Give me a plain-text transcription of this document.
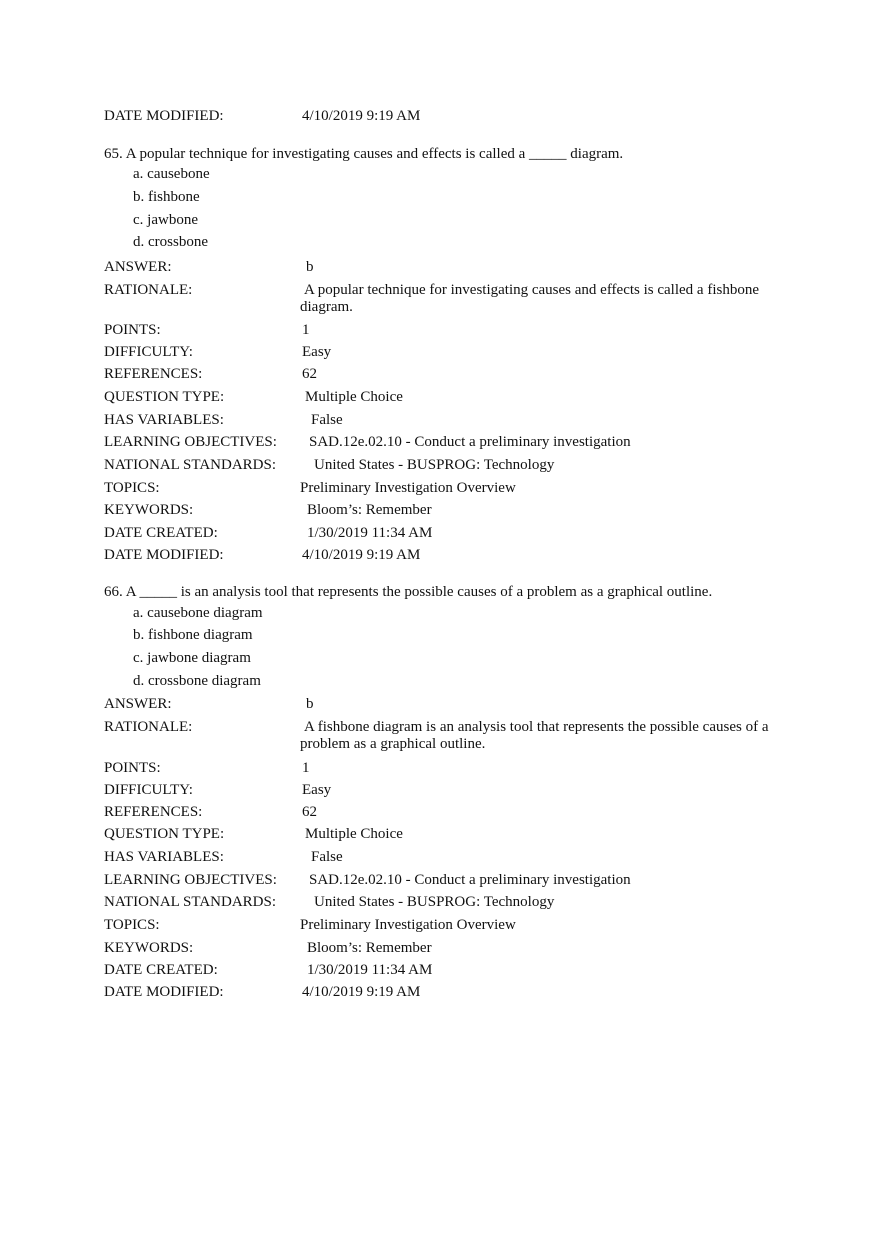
DATE MODIFIED:	4/10/2019 9:19 AM
65. A popular technique for investigating causes and effects is called a _____ diagram.
a. causebone
b. fishbone
c. jawbone
d. crossbone
ANSWER:	b
RATIONALE:	A popular technique for investigating causes and effects is called a fishbone diagram.
POINTS:	1
DIFFICULTY:	Easy
REFERENCES:	62
QUESTION TYPE:	Multiple Choice
HAS VARIABLES:	False
LEARNING OBJECTIVES: SAD.12e.02.10 - Conduct a preliminary investigation
NATIONAL STANDARDS:	United States - BUSPROG: Technology
TOPICS:	Preliminary Investigation Overview
KEYWORDS:	Bloom’s: Remember
DATE CREATED:	1/30/2019 11:34 AM
DATE MODIFIED:	4/10/2019 9:19 AM
66. A _____ is an analysis tool that represents the possible causes of a problem as a graphical outline.
a. causebone diagram
b. fishbone diagram
c. jawbone diagram
d. crossbone diagram
ANSWER:	b
RATIONALE:	A fishbone diagram is an analysis tool that represents the possible causes of a problem as a graphical outline.
POINTS:	1
DIFFICULTY:	Easy
REFERENCES:	62
QUESTION TYPE:	Multiple Choice
HAS VARIABLES:	False
LEARNING OBJECTIVES: SAD.12e.02.10 - Conduct a preliminary investigation
NATIONAL STANDARDS:	United States - BUSPROG: Technology
TOPICS:	Preliminary Investigation Overview
KEYWORDS:	Bloom’s: Remember
DATE CREATED:	1/30/2019 11:34 AM
DATE MODIFIED:	4/10/2019 9:19 AM
